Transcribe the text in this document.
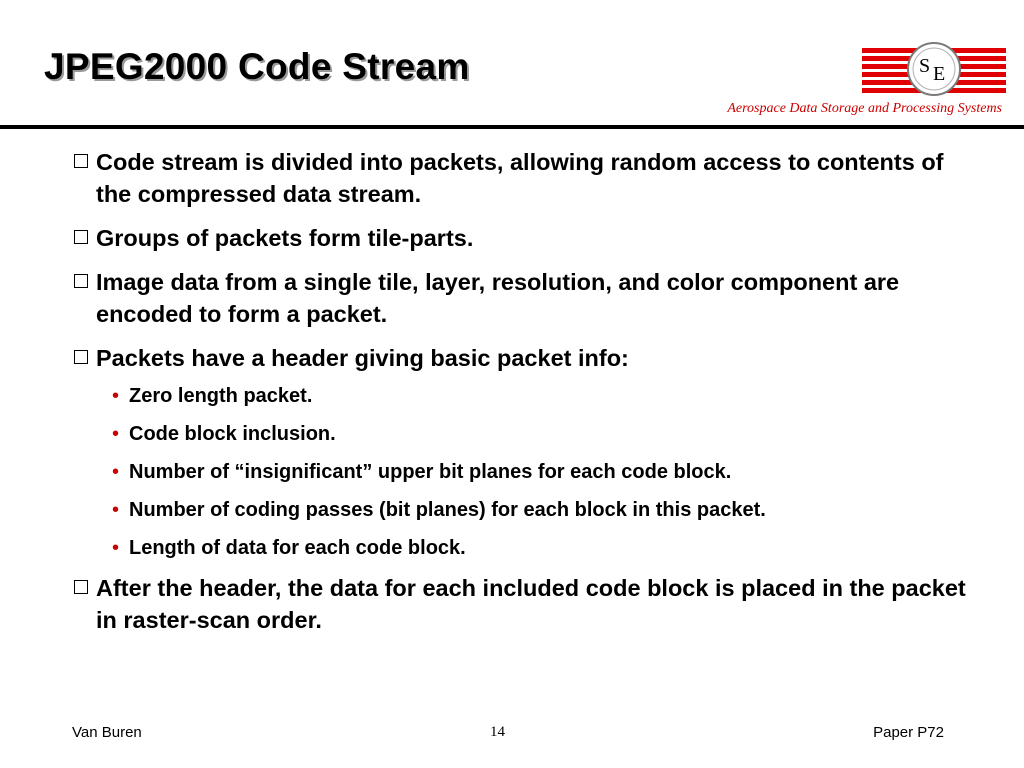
JPEG2000 Code Stream	S E
Aerospace Data Storage and Processing Systems
Code stream is divided into packets, allowing random access to contents of the compressed data stream.
Groups of packets form tile-parts.
Image data from a single tile, layer, resolution, and color component are encoded to form a packet.
Packets have a header giving basic packet info:
• Zero length packet.
• Code block inclusion.
• Number of “insignificant” upper bit planes for each code block.
• Number of coding passes (bit planes) for each block in this packet.
• Length of data for each code block.
After the header, the data for each included code block is placed in the packet in raster-scan order.
Van Buren	14	Paper P72
